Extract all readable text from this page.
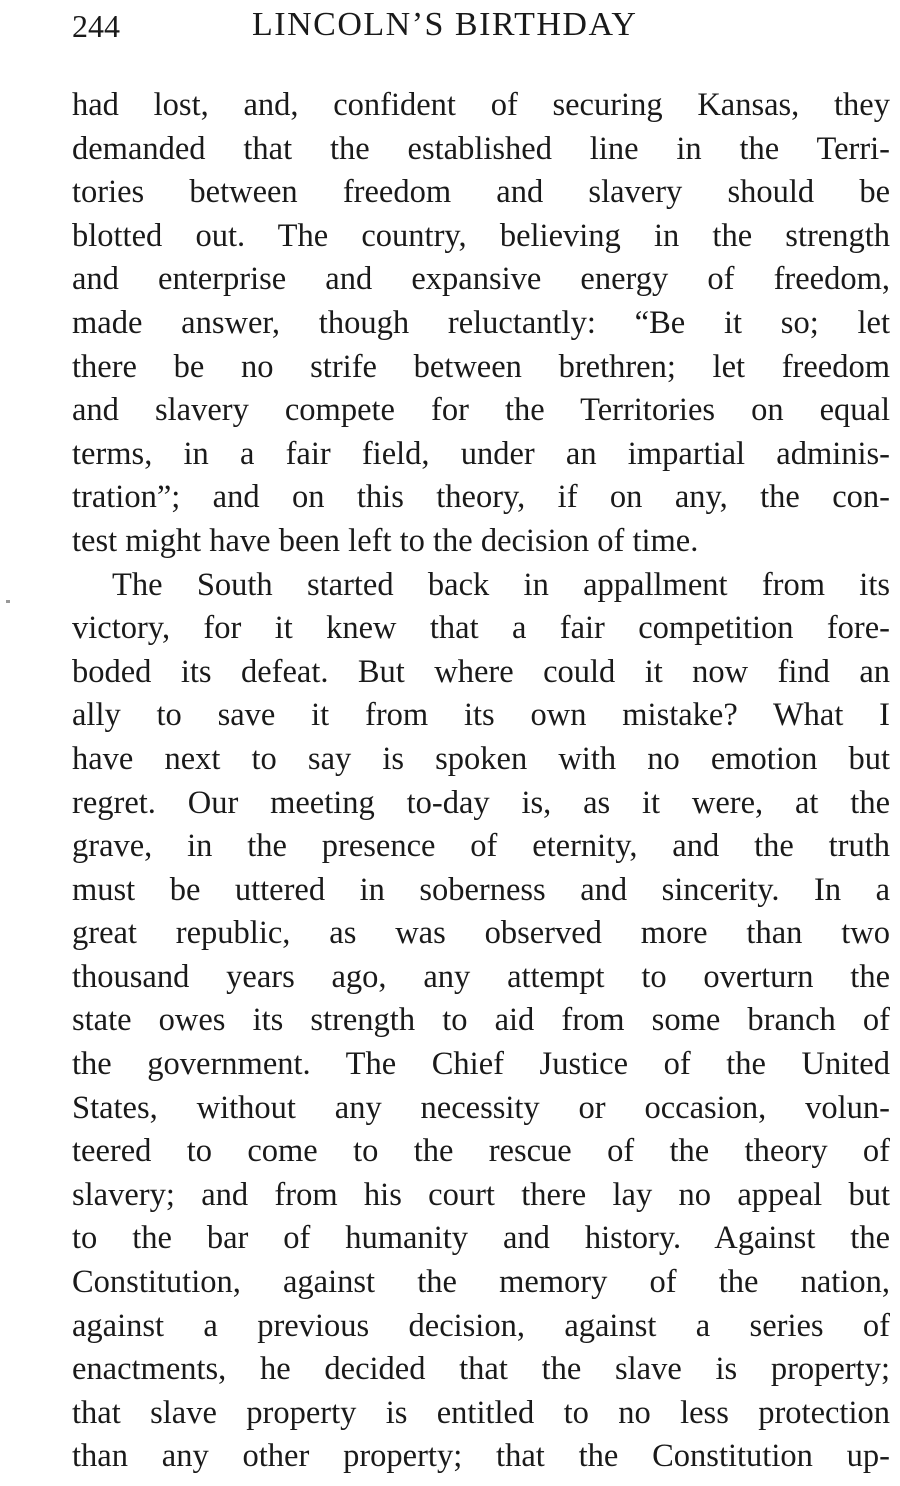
244	LINCOLN’S BIRTHDAY
had lost, and, confident of securing Kansas, they
demanded that the established line in the Terri-
tories between freedom and slavery should be
blotted out. The country, believing in the strength
and enterprise and expansive energy of freedom,
made answer, though reluctantly: “Be it so; let
there be no strife between brethren; let freedom
and slavery compete for the Territories on equal
terms, in a fair field, under an impartial adminis-
tration”; and on this theory, if on any, the con-
test might have been left to the decision of time.
The South started back in appallment from its
victory, for it knew that a fair competition fore-
boded its defeat. But where could it now find an
ally to save it from its own mistake? What I
have next to say is spoken with no emotion but
regret. Our meeting to-day is, as it were, at the
grave, in the presence of eternity, and the truth
must be uttered in soberness and sincerity. In a
great republic, as was observed more than two
thousand years ago, any attempt to overturn the
state owes its strength to aid from some branch of
the government. The Chief Justice of the United
States, without any necessity or occasion, volun-
teered to come to the rescue of the theory of
slavery; and from his court there lay no appeal but
to the bar of humanity and history. Against the
Constitution, against the memory of the nation,
against a previous decision, against a series of
enactments, he decided that the slave is property;
that slave property is entitled to no less protection
than any other property; that the Constitution up-
